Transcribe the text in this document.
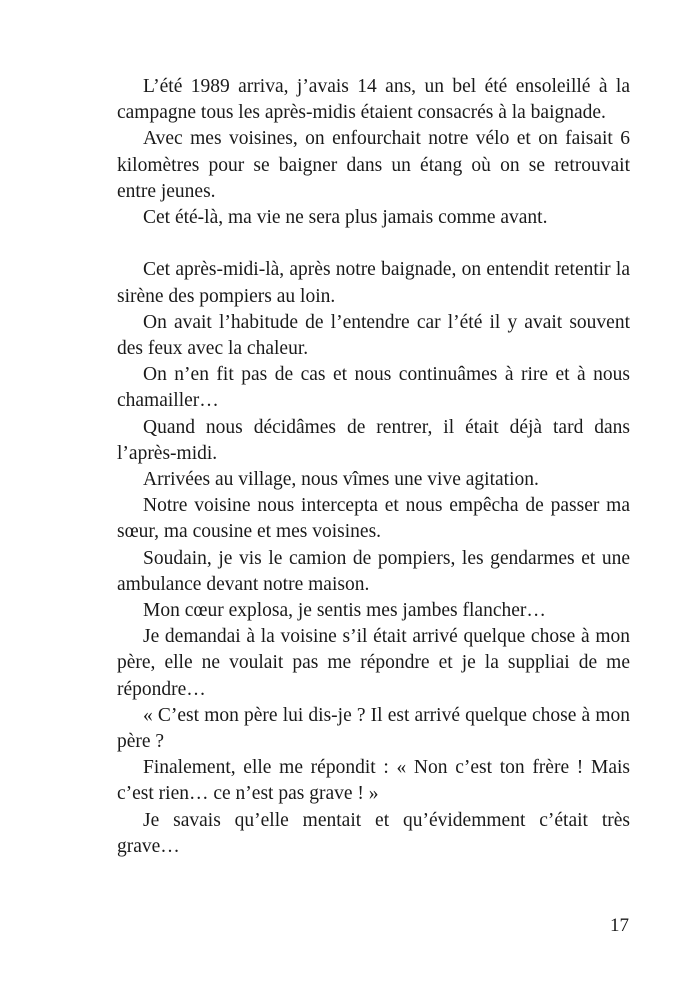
L’été 1989 arriva, j’avais 14 ans, un bel été ensoleillé à la campagne tous les après-midis étaient consacrés à la baignade.

Avec mes voisines, on enfourchait notre vélo et on faisait 6 kilomètres pour se baigner dans un étang où on se retrouvait entre jeunes.

Cet été-là, ma vie ne sera plus jamais comme avant.

Cet après-midi-là, après notre baignade, on entendit retentir la sirène des pompiers au loin.

On avait l’habitude de l’entendre car l’été il y avait souvent des feux avec la chaleur.

On n’en fit pas de cas et nous continuâmes à rire et à nous chamailler…

Quand nous décidâmes de rentrer, il était déjà tard dans l’après-midi.

Arrivées au village, nous vîmes une vive agitation.

Notre voisine nous intercepta et nous empêcha de passer ma sœur, ma cousine et mes voisines.

Soudain, je vis le camion de pompiers, les gendarmes et une ambulance devant notre maison.

Mon cœur explosa, je sentis mes jambes flancher…

Je demandai à la voisine s’il était arrivé quelque chose à mon père, elle ne voulait pas me répondre et je la suppliai de me répondre…

« C’est mon père lui dis-je ? Il est arrivé quelque chose à mon père ?

Finalement, elle me répondit : « Non c’est ton frère ! Mais c’est rien… ce n’est pas grave ! »

Je savais qu’elle mentait et qu’évidemment c’était très grave…

17
